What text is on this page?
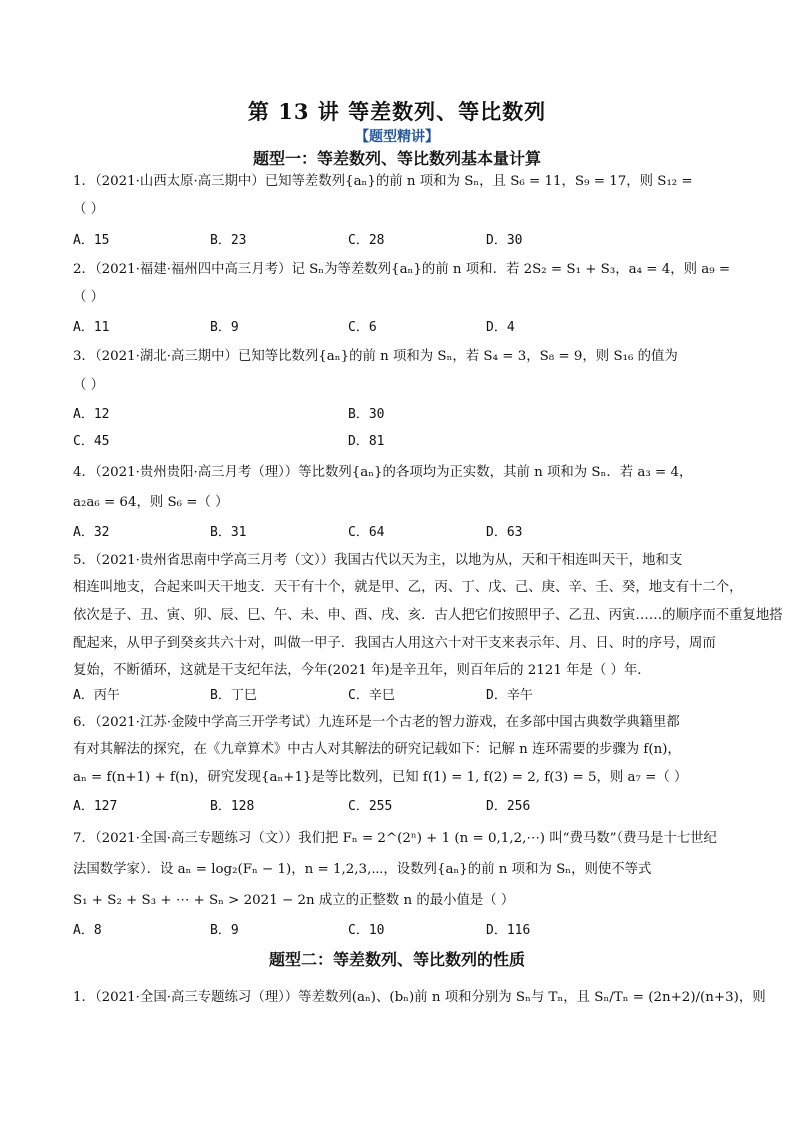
第 13 讲 等差数列、等比数列
【题型精讲】
题型一：等差数列、等比数列基本量计算
1．（2021·山西太原·高三期中）已知等差数列{aₙ}的前 n 项和为 Sₙ，且 S₆ = 11，S₉ = 17，则 S₁₂ =
（ ）
A．15	B．23	C．28	D．30
2．（2021·福建·福州四中高三月考）记 Sₙ为等差数列{aₙ}的前 n 项和．若 2S₂ = S₁ + S₃，a₄ = 4，则 a₉ =
（ ）
A．11	B．9	C．6	D．4
3．（2021·湖北·高三期中）已知等比数列{aₙ}的前 n 项和为 Sₙ，若 S₄ = 3，S₈ = 9，则 S₁₆ 的值为
（ ）
A．12	B．30
C．45	D．81
4．（2021·贵州贵阳·高三月考（理））等比数列{aₙ}的各项均为正实数，其前 n 项和为 Sₙ．若 a₃ = 4，
a₂a₆ = 64，则 S₆ =（ ）
A．32	B．31	C．64	D．63
5．（2021·贵州省思南中学高三月考（文））我国古代以天为主，以地为从，天和干相连叫天干，地和支
相连叫地支，合起来叫天干地支．天干有十个，就是甲、乙，丙、丁、戊、己、庚、辛、壬、癸，地支有十二个，
依次是子、丑、寅、卯、辰、巳、午、未、申、酉、戌、亥．古人把它们按照甲子、乙丑、丙寅……的顺序而不重复地搭
配起来，从甲子到癸亥共六十对，叫做一甲子．我国古人用这六十对干支来表示年、月、日、时的序号，周而
复始，不断循环，这就是干支纪年法，今年(2021 年)是辛丑年，则百年后的 2121 年是（ ）年．
A．丙午	B．丁巳	C．辛巳	D．辛午
6．（2021·江苏·金陵中学高三开学考试）九连环是一个古老的智力游戏，在多部中国古典数学典籍里都
有对其解法的探究，在《九章算术》中古人对其解法的研究记载如下：记解 n 连环需要的步骤为 f(n)，
aₙ = f(n+1) + f(n)，研究发现{aₙ+1}是等比数列，已知 f(1) = 1, f(2) = 2, f(3) = 5，则 a₇ =（ ）
A．127	B．128	C．255	D．256
7．（2021·全国·高三专题练习（文））我们把 Fₙ = 2^(2ⁿ) + 1 (n = 0,1,2,⋯) 叫“费马数”（费马是十七世纪
法国数学家）．设 aₙ = log₂(Fₙ − 1)，n = 1,2,3,⋯，设数列{aₙ}的前 n 项和为 Sₙ，则使不等式
S₁ + S₂ + S₃ + ⋯ + Sₙ > 2021 − 2n 成立的正整数 n 的最小值是（ ）
A．8	B．9	C．10	D．116
题型二：等差数列、等比数列的性质
1．（2021·全国·高三专题练习（理））等差数列(aₙ)、(bₙ)前 n 项和分别为 Sₙ与 Tₙ，且 Sₙ/Tₙ = (2n+2)/(n+3)，则
